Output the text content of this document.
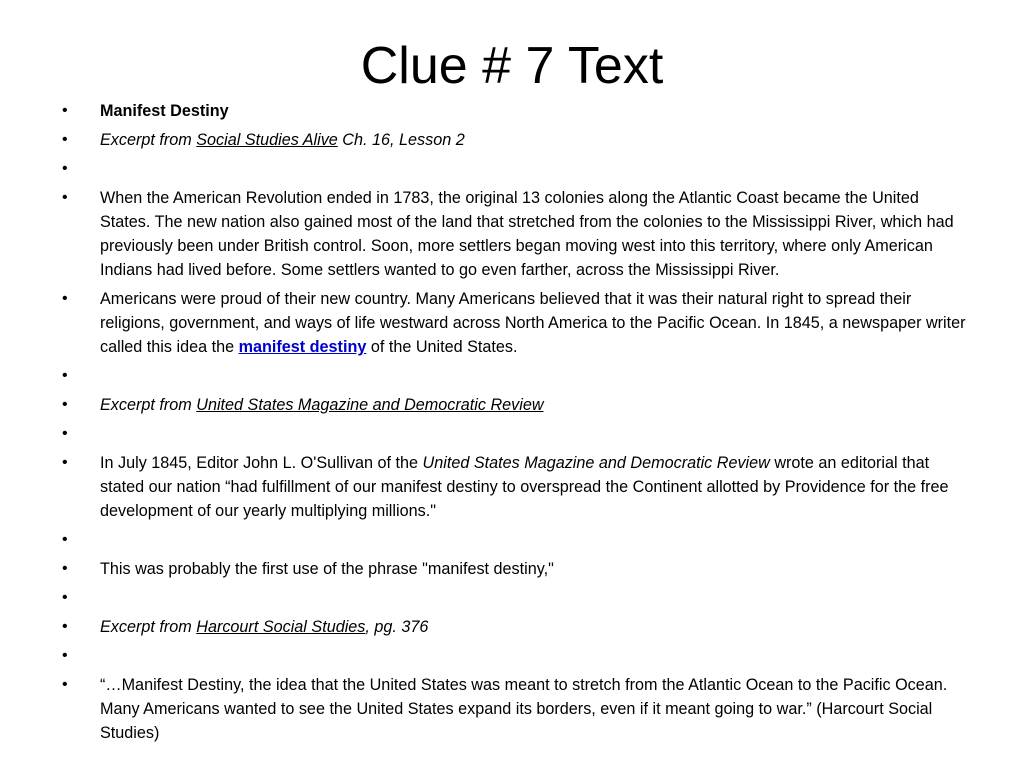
Clue # 7 Text
• Manifest Destiny
• Excerpt from Social Studies Alive Ch. 16, Lesson 2
•

• When the American Revolution ended in 1783, the original 13 colonies along the Atlantic Coast became the United States. The new nation also gained most of the land that stretched from the colonies to the Mississippi River, which had previously been under British control. Soon, more settlers began moving west into this territory, where only American Indians had lived before. Some settlers wanted to go even farther, across the Mississippi River.
• Americans were proud of their new country. Many Americans believed that it was their natural right to spread their religions, government, and ways of life westward across North America to the Pacific Ocean. In 1845, a newspaper writer called this idea the manifest destiny of the United States.
•

• Excerpt from United States Magazine and Democratic Review
•

• In July 1845, Editor John L. O'Sullivan of the United States Magazine and Democratic Review wrote an editorial that stated our nation “had fulfillment of our manifest destiny to overspread the Continent allotted by Providence for the free development of our yearly multiplying millions."
•

• This was probably the first use of the phrase "manifest destiny,"
•

• Excerpt from Harcourt Social Studies, pg. 376
•

• “…Manifest Destiny, the idea that the United States was meant to stretch from the Atlantic Ocean to the Pacific Ocean. Many Americans wanted to see the United States expand its borders, even if it meant going to war.” (Harcourt Social Studies)
